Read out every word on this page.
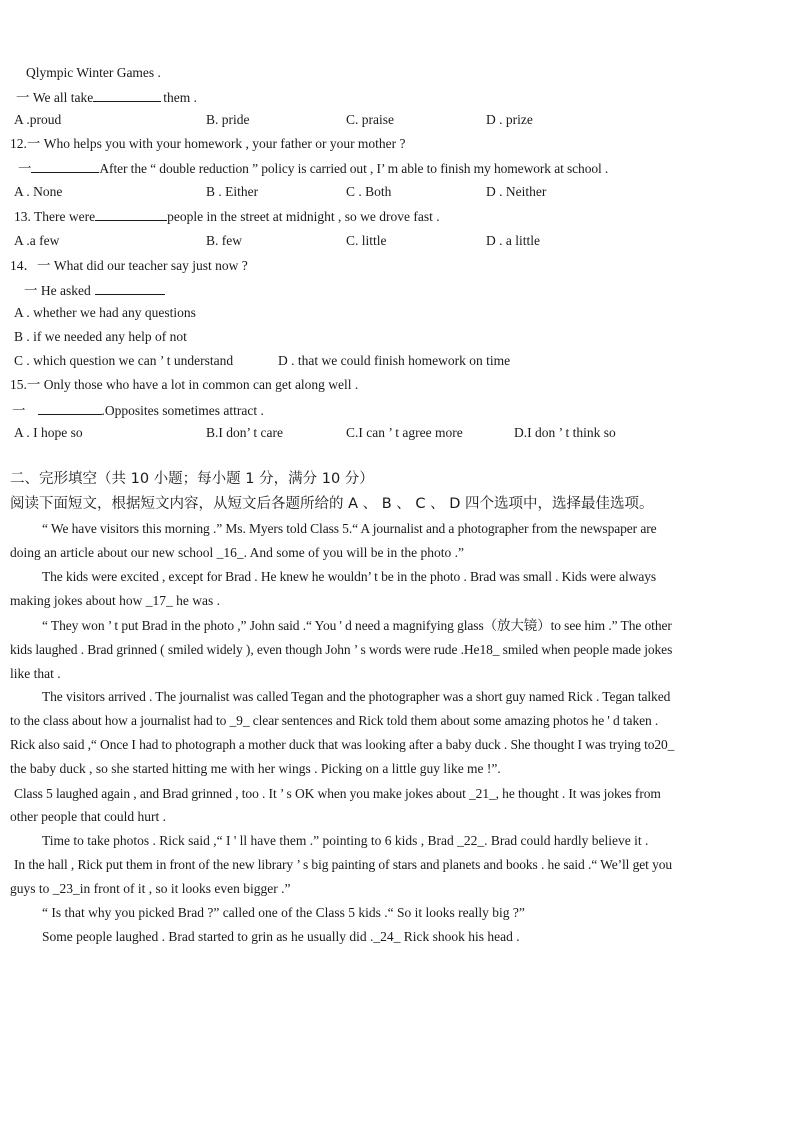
Qlympic Winter Games .
一 We all take	them .
A .proud	B. pride	C. praise	D . prize
12.一 Who helps you with your homework , your father or your mother ?
一	After the “ double reduction ” policy is carried out , I’ m able to finish my homework at school .
A . None	B . Either	C . Both	D . Neither
13. There were	people in the street at midnight , so we drove fast .
A .a few	B. few	C. little	D . a little
14．一 What did our teacher say just now ?
一 He asked
A . whether we had any questions
B . if we needed any help of not
C . which question we can ’ t understand	D . that we could finish homework on time
15.一 Only those who have a lot in common can get along well .
一	.Opposites sometimes attract .
A . I hope so	B.I don’ t care	C.I can ’ t agree more	D.I don ’ t think so
二、完形填空（共 10 小题；每小题 1 分，满分 10 分）
阅读下面短文，根据短文内容，从短文后各题所给的 A 、 B 、 C 、 D 四个选项中，选择最佳选项。
“ We have visitors this morning .” Ms. Myers told Class 5.“ A journalist and a photographer from the newspaper are
doing an article about our new school _16_. And some of you will be in the photo .”
The kids were excited , except for Brad . He knew he wouldn’ t be in the photo . Brad was small . Kids were always
making jokes about how _17_ he was .
“ They won ’ t put Brad in the photo ,” John said .“ You ' d need a magnifying glass（放大镜）to see him .” The other
kids laughed . Brad grinned ( smiled widely ), even though John ’ s words were rude .He18_ smiled when people made jokes
like that .
The visitors arrived . The journalist was called Tegan and the photographer was a short guy named Rick . Tegan talked
to the class about how a journalist had to _9_ clear sentences and Rick told them about some amazing photos he ' d taken .
Rick also said ,“ Once I had to photograph a mother duck that was looking after a baby duck . She thought I was trying to20_
the baby duck , so she started hitting me with her wings . Picking on a little guy like me !”.
Class 5 laughed again , and Brad grinned , too . It ’ s OK when you make jokes about _21_, he thought . It was jokes from
other people that could hurt .
Time to take photos . Rick said ,“ I ' ll have them .” pointing to 6 kids , Brad _22_. Brad could hardly believe it .
In the hall , Rick put them in front of the new library ’ s big painting of stars and planets and books . he said .“ We’ll get you
guys to _23_in front of it , so it looks even bigger .”
“ Is that why you picked Brad ?” called one of the Class 5 kids .“ So it looks really big ?”
Some people laughed . Brad started to grin as he usually did ._24_ Rick shook his head .
